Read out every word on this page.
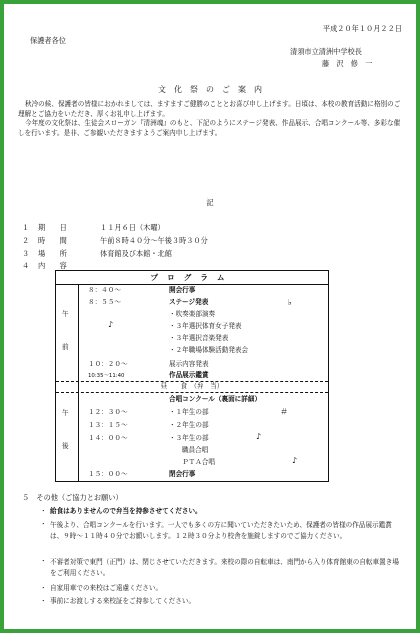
平成２０年１０月２２日
保護者各位
清須市立清洲中学校長
藤　沢　修　一
文　化　祭　の　ご　案　内

秋冷の候、保護者の皆様におかれましては、ますますご健勝のこととお喜び申し上げます。日頃は、本校の教育活動に格別のご理解とご協力をいただき、厚くお礼申し上げます。

今年度の文化祭は、生徒会スローガン『清洲魂』のもと、下記のようにステージ発表、作品展示、合唱コンクール等、多彩な催しを行います。是非、ご参観いただきますようご案内申し上げます。

記
１ 期　　日	１１月６日（木曜）
２ 時　　間	午前８時４０分～午後３時３０分
３ 場　　所	体育館及び本館・北館
４ 内　　容
プログラム
午

前
午

後
８：４０～	開会行事
８：５５～	ステージ発表	♭
・吹奏楽部演奏
♪	・３年選択体育女子発表
・３年選択音楽発表
・２年職場体験活動発表会
１０：２０～	展示内容発表
10:35～11:40	作品展示鑑賞
昼　　食　（弁　当）
合唱コンクール（裏面に詳細）
１２：３０～	・１年生の部	＃
１３：１５～	・２年生の部
１４：００～	・３年生の部	♪
職員合唱
ＰＴＡ合唱	♪
１５：００～	閉会行事
５　その他（ご協力とお願い）
・ 給食はありませんので弁当を持参させてください。
・ 午後より、合唱コンクールを行います。一人でも多くの方に聞いていただきたいため、保護者の皆様の作品展示鑑賞は、９時～１１時４０分でお願いします。１２時３０分より校舎を施錠しますのでご協力ください。
・ 不審者対策で東門（正門）は、閉じさせていただきます。来校の際の自転車は、南門から入り体育館東の自転車置き場をご利用ください。
・ 自家用車での来校はご遠慮ください。
・ 事前にお渡しする来校証をご持参してください。
